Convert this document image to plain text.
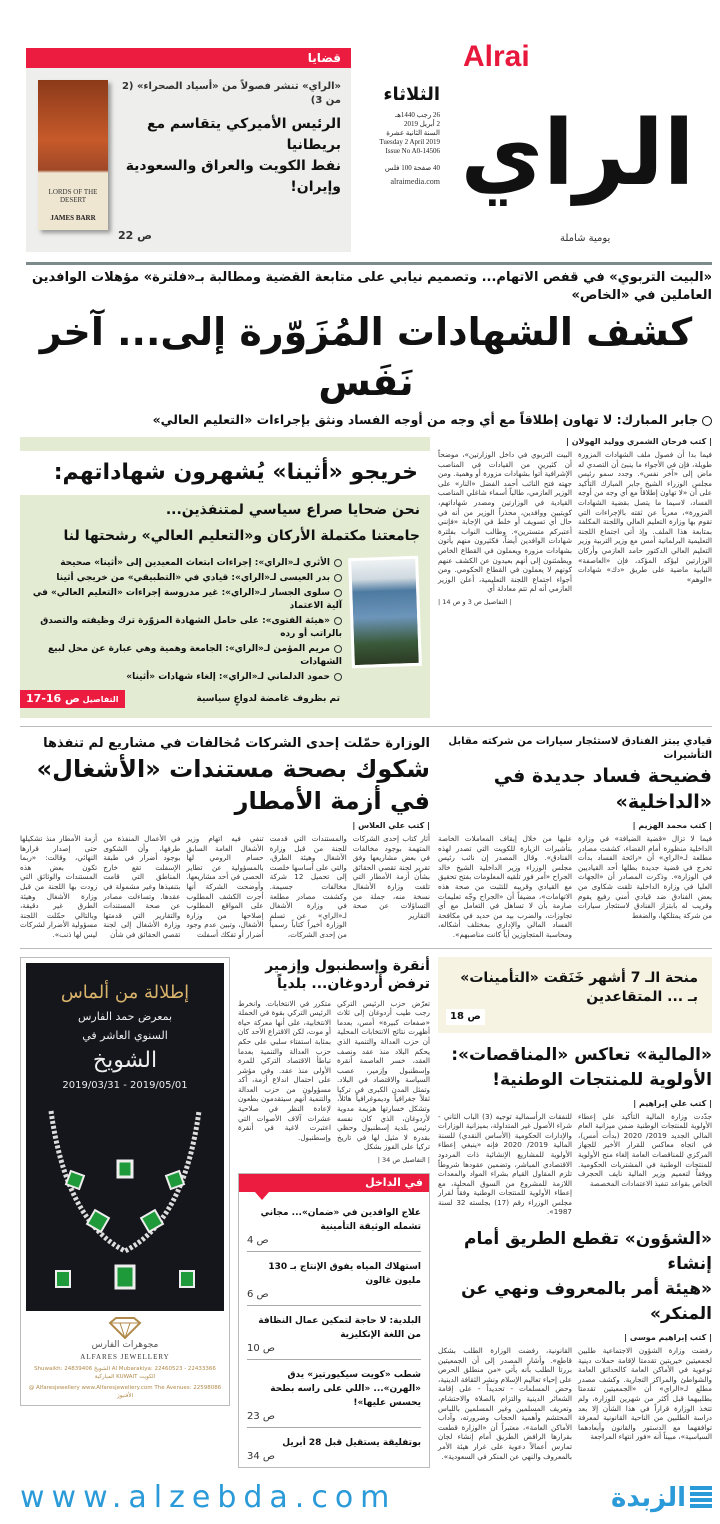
Alrai
الراي
يومية شاملة
الثلاثاء
26 رجب 1440هـ
2 أبريل 2019
السنة الثانية عشرة
Tuesday 2 April 2019
Issue No A0-14506
40 صفحة 100 فلس
alraimedia.com
قضايا
«الراي» تنشر فصولاً من «أسياد الصحراء» (2 من 3)
الرئيس الأميركي يتقاسم مع بريطانيا
نفط الكويت والعراق والسعودية وإيران!
ص 22
LORDS OF THE DESERT
JAMES BARR
«البيت التربوي» في قفص الاتهام... وتصميم نيابي على متابعة القضية ومطالبة بـ«فلترة» مؤهلات الوافدين العاملين في «الخاص»
كشف الشهادات المُزَوّرة إلى... آخر نَفَس
جابر المبارك: لا تهاون إطلاقاً مع أي وجه من أوجه الفساد ونثق بإجراءات «التعليم العالي»
| كتب فرحان الشمري ووليد الهولان |
فيما بدا أن فصول ملف الشهادات المزورة طويلة، فإن في الأجواء ما ينبئ أن التصدي له ماض إلى «آخر نفس». وجدد سمو رئيس مجلس الوزراء الشيخ جابر المبارك التأكيد على أن «لا تهاون إطلاقاً مع أي وجه من أوجه الفساد، لاسيما ما يتصل بقضية الشهادات المزورة»، معرباً عن ثقته بالإجراءات التي تقوم بها وزارة التعليم العالي واللجنة المكلفة بمتابعة هذا الملف. وإذ أتى اجتماع اللجنة التعليمية البرلمانية أمس مع وزير التربية وزير التعليم العالي الدكتور حامد العازمي وأركان الوزارتين ليؤكد المؤكد، فإن «العاصفة» النيابية ماضية على طريق «دك» شهادات «الوهم»
البيت التربوي في داخل الوزارتين»، موضحاً أن كثيرين من القيادات في المناصب الإشرافية أتوا بشهادات مزورة أو وهمية. ومن جهته فتح النائب أحمد الفضل «النار» على الوزير العازمي، طالباً أسماء شاغلي المناصب القيادية في الوزارتين ومصدر شهاداتهم، كويتيين ووافدين، محذراً الوزير من أنه في حال أي تسويف أو خلط في الإجابة «فإنني أعتبركم متسترين». وطالب النواب بفلترة شهادات الوافدين أيضاً، فكثيرون منهم يأتون بشهادات مزورة ويعملون في القطاع الخاص ويطمئنون إلى أنهم بعيدون عن الكشف عنهم كونهم لا يعملون في القطاع الحكومي. ومن أجواء اجتماع اللجنة التعليمية، أعلن الوزير العازمي أنه لم تتم معادلة أي
| التفاصيل ص 3 و ص 14 |
خريجو «أثينا» يُشهرون شهاداتهم:
نحن ضحايا صراع سياسي لمتنفذين...
جامعتنا مكتملة الأركان و«التعليم العالي» رشحتها لنا
الأثري لـ«الراي»: إجراءات ابتعاث المعيدين إلى «أثينا» صحيحة
بدر العيسى لـ«الراي»: قيادي في «التطبيقي» من خريجي أثينا
سلوى الجسار لـ«الراي»: غير مدروسة إجراءات «التعليم العالي» في آلية الاعتماد
«هيئة الفتوى»: على حامل الشهادة المزوّرة ترك وظيفته والتصدق بالراتب أو رده
مريم المؤمن لـ«الراي»: الجامعة وهمية وهي عبارة عن محل لبيع الشهادات
حمود الدلماني لـ«الراي»: إلغاء شهادات «أثينا»
تم بظروف غامضة لدواعٍ سياسية
التفاصيل ص 16-17
قيادي يبتز الفنادق لاستئجار سيارات من شركته مقابل التأشيرات
فضيحة فساد جديدة في «الداخلية»
| كتب محمد الهزيم |
فيما لا تزال «قضية الضيافة» في وزارة الداخلية منظورة أمام القضاء، كشفت مصادر مطلعة لـ«الراي» أن «رائحة الفساد بدأت تخرج في قضية جديدة بطلها أحد القياديين في الوزارة». وذكرت المصادر أن «الجهات العليا في وزارة الداخلية تلقت شكاوى من بعض الفنادق ضد قيادي أمني رفيع يقوم وقريب له بابتزاز الفنادق لاستئجار سيارات من شركة يمتلكها، والضغط
عليها من خلال إيقاف المعاملات الخاصة بتأشيرات الزيارة للكويت التي تصدر لهذه الفنادق». وقال المصدر إن نائب رئيس مجلس الوزراء وزير الداخلية الشيخ خالد الجراح «أمر فور تلقيه المعلومات بفتح تحقيق مع القيادي وقريبه للتثبت من صحة هذه الاتهامات»، مضيفاً أن «الجراح وجّه تعليمات صارمة بأن لا تساهل في التعامل مع أي تجاوزات، والضرب بيد من حديد في مكافحة الفساد المالي والإداري بمختلف أشكاله، ومحاسبة المتجاوزين أياً كانت مناصبهم».
الوزارة حمّلت إحدى الشركات مُخالفات في مشاريع لم تنفذها
شكوك بصحة مستندات «الأشغال» في أزمة الأمطار
| كتب علي العلاس |
أثار كتاب إحدى الشركات المتهمة بوجود مخالفات في بعض مشاريعها وفق تقرير لجنة تقصي الحقائق بشأن أزمة الأمطار التي تلقت وزارة الأشغال نسخة منه، جملة من التساؤلات عن صحة التقارير
والمستندات التي قدمت للجنة من قبل وزارة الأشغال وهيئة الطرق، والتي على أساسها خلصت إلى تحميل 12 شركة مخالفات جسيمة. وكشفت مصادر مطلعة في وزارة الأشغال لـ«الراي» عن تسلم الوزارة أخيراً كتاباً رسمياً من إحدى الشركات،
تنفي فيه اتهام وزير الأشغال العامة السابق حسام الرومي لها بالمسؤولية عن تطاير الحصى في أحد مشاريعها. وأوضحت الشركة أنها أجرت الكشف المطلوب على المواقع المطلوب إصلاحها من وزارة الأشغال، وتبين عدم وجود أضرار أو تفكك أسفلت
في الأعمال المنفذة من طرفها، وأن الشكوى بوجود أضرار في طبقة الإسفلت تقع خارج المناطق التي قامت بتنفيذها وغير مشمولة في عقدها. وتساءلت مصادر عن صحة المستندات والتقارير التي قدمتها وزارة الأشغال إلى لجنة تقصي الحقائق في شأن
أزمة الأمطار منذ تشكيلها حتى إصدار قرارها النهائي، وقالت: «ربما تكون بعض هذه المستندات والوثائق التي زودت بها اللجنة من قبل وزارة الأشغال وهيئة الطرق غير دقيقة، وبالتالي حمّلت اللجنة مسؤولية الأضرار لشركات ليس لها ذنب».
منحة الـ 7 أشهر خَنَقت «التأمينات»
بـ ... المتقاعدين
ص 18
«المالية» تعاكس «المناقصات»:
الأولوية للمنتجات الوطنية!
| كتب علي إبراهيم |
جدّدت وزارة المالية التأكيد على إعطاء الأولوية للمنتجات الوطنية ضمن ميزانية العام المالي الجديد 2019/ 2020 (بدأت أمس)، في اتجاه معاكس للقرار الأخير للجهاز المركزي للمناقصات العامة إلغاء منح الأولوية للمنتجات الوطنية في المشتريات الحكومية. ووفقاً لتعميم وزير المالية نايف الحجرف الخاص بقواعد تنفيذ الاعتمادات المخصصة
للنفقات الرأسمالية توجيه (3) الباب الثاني - شراء الأصول غير المتداولة، بميزانية الوزارات والإدارات الحكومية (الأساس النقدي) للسنة المالية 2019/ 2020 فإنه «ينبغي إعطاء الأولوية للمشاريع الإنشائية ذات المردود الاقتصادي المباشر، وتضمين عقودها شروطاً تلزم المقاول القيام بشراء المواد والمعدات اللازمة للمشروع من السوق المحلية، مع إعطاء الأولوية للمنتجات الوطنية وفقاً لقرار مجلس الوزراء رقم (17) بجلسته 32 لسنة 1987».
«الشؤون» تقطع الطريق أمام إنشاء
«هيئة أمر بالمعروف ونهي عن المنكر»
| كتب إبراهيم موسى |
رفضت وزارة الشؤون الاجتماعية طلبين لجمعيتين خيريتين تقدمتا لإقامة حملات دينية توعوية في الأماكن العامة كالحدائق العامة والشواطئ والمراكز التجارية. وكشف مصدر مطلع لـ«الراي» أن «الجمعيتين تقدمتا بطلبيهما قبل أكثر من شهرين للوزارة، ولم تتخذ الوزارة قراراً في هذا الشأن إلا بعد دراسة الطلبين من الناحية القانونية لمعرفة توافقهما مع الدستور والقانون وأبعادهما السياسية»، مبيناً أنه «فور انتهاء المراجعة
القانونية، رفضت الوزارة الطلب بشكل قاطع». وأشار المصدر إلى أن الجمعيتين بررتا الطلب بأنه يأتي «من منطلق الحرص على إحياء تعاليم الإسلام ونشر الثقافة الدينية، وحض المسلمات - تحديداً - على إقامة الشعائر الدينية والتزام بالصلاة والاحتشام، وتعريف المسلمين وغير المسلمين باللباس المحتشم وأهمية الحجاب وضرورته، وآداب الأماكن العامة»، معتبراً أن «الوزارة قطعت بقرارها الرافض الطريق أمام إنشاء لجان تمارس أعمالاً دعوية على غرار هيئة الأمر بالمعروف والنهي عن المنكر في السعودية».
أنقرة وإسطنبول وإزمير
ترفض أردوغان... بلدياً
تعرّض حزب الرئيس التركي رجب طيب أردوغان إلى ثلاث «صفعات كبيرة» أمس، بعدما أظهرت نتائج الانتخابات المحلية أن حزب العدالة والتنمية الذي يحكم البلاد منذ عقد ونصف العقد، خسر العاصمة أنقرة وإسطنبول وإزمير، عصب السياسة والاقتصاد في البلاد. وتمثل المدن الكبرى في تركيا ثقلاً جغرافياً وديموغرافياً هائلاً، وتشكل خسارتها هزيمة مدوية لأردوغان، الذي كان نفسه رئيس بلدية إسطنبول وحظي بقدرة لا مثيل لها في تاريخ تركيا على الفوز بشكل
متكرر في الانتخابات. وانخرط الرئيس التركي بقوة في الحملة الانتخابية، على أنها معركة حياة أو موت، لكن الاقتراع الأحد كان بمثابة استفتاء سلبي على حكم حزب العدالة والتنمية بعدما تباطأ الاقتصاد التركي للمرة الأولى منذ عقد. وفي مؤشر على احتمال اندلاع أزمة، أكد مسؤولون من حزب العدالة والتنمية أنهم سيتقدمون بطعون لإعادة النظر في صلاحية عشرات آلاف الأصوات التي اعتبرت لاغية في أنقرة وإسطنبول.
| التفاصيل ص 34 |
في الداخل
علاج الوافدين في «ضمان»... مجاني تشمله الوثيقة التأمينية
ص 4
استهلاك المياه يفوق الإنتاج بـ 130 مليون غالون
ص 6
البلدية: لا حاجة لتمكين عمال النظافة من اللغة الإنكليزية
ص 10
شطب «كويت سيكيورتيز» يدق «الهرن»... «اللي على راسه بطحة يحسس عليها»!
ص 23
بوتفليقة يستقيل قبل 28 أبريل
ص 34
إطلالة من ألماس
بمعرض حمد الفارس
السنوي العاشر في
الشويخ
2019/03/31 - 2019/05/01
مجوهرات الفارس
ALFARES JEWELLERY
Shuwaikh: 24839406 الشويخ Al Mubarakiya: 22460523 - 22433366 المباركية KUWAIT الكويت
@ Alfaresjewellery www.Alfaresjewellery.com The Avenues: 22598086 الأفنيوز
الزبدة
www.alzebda.com
